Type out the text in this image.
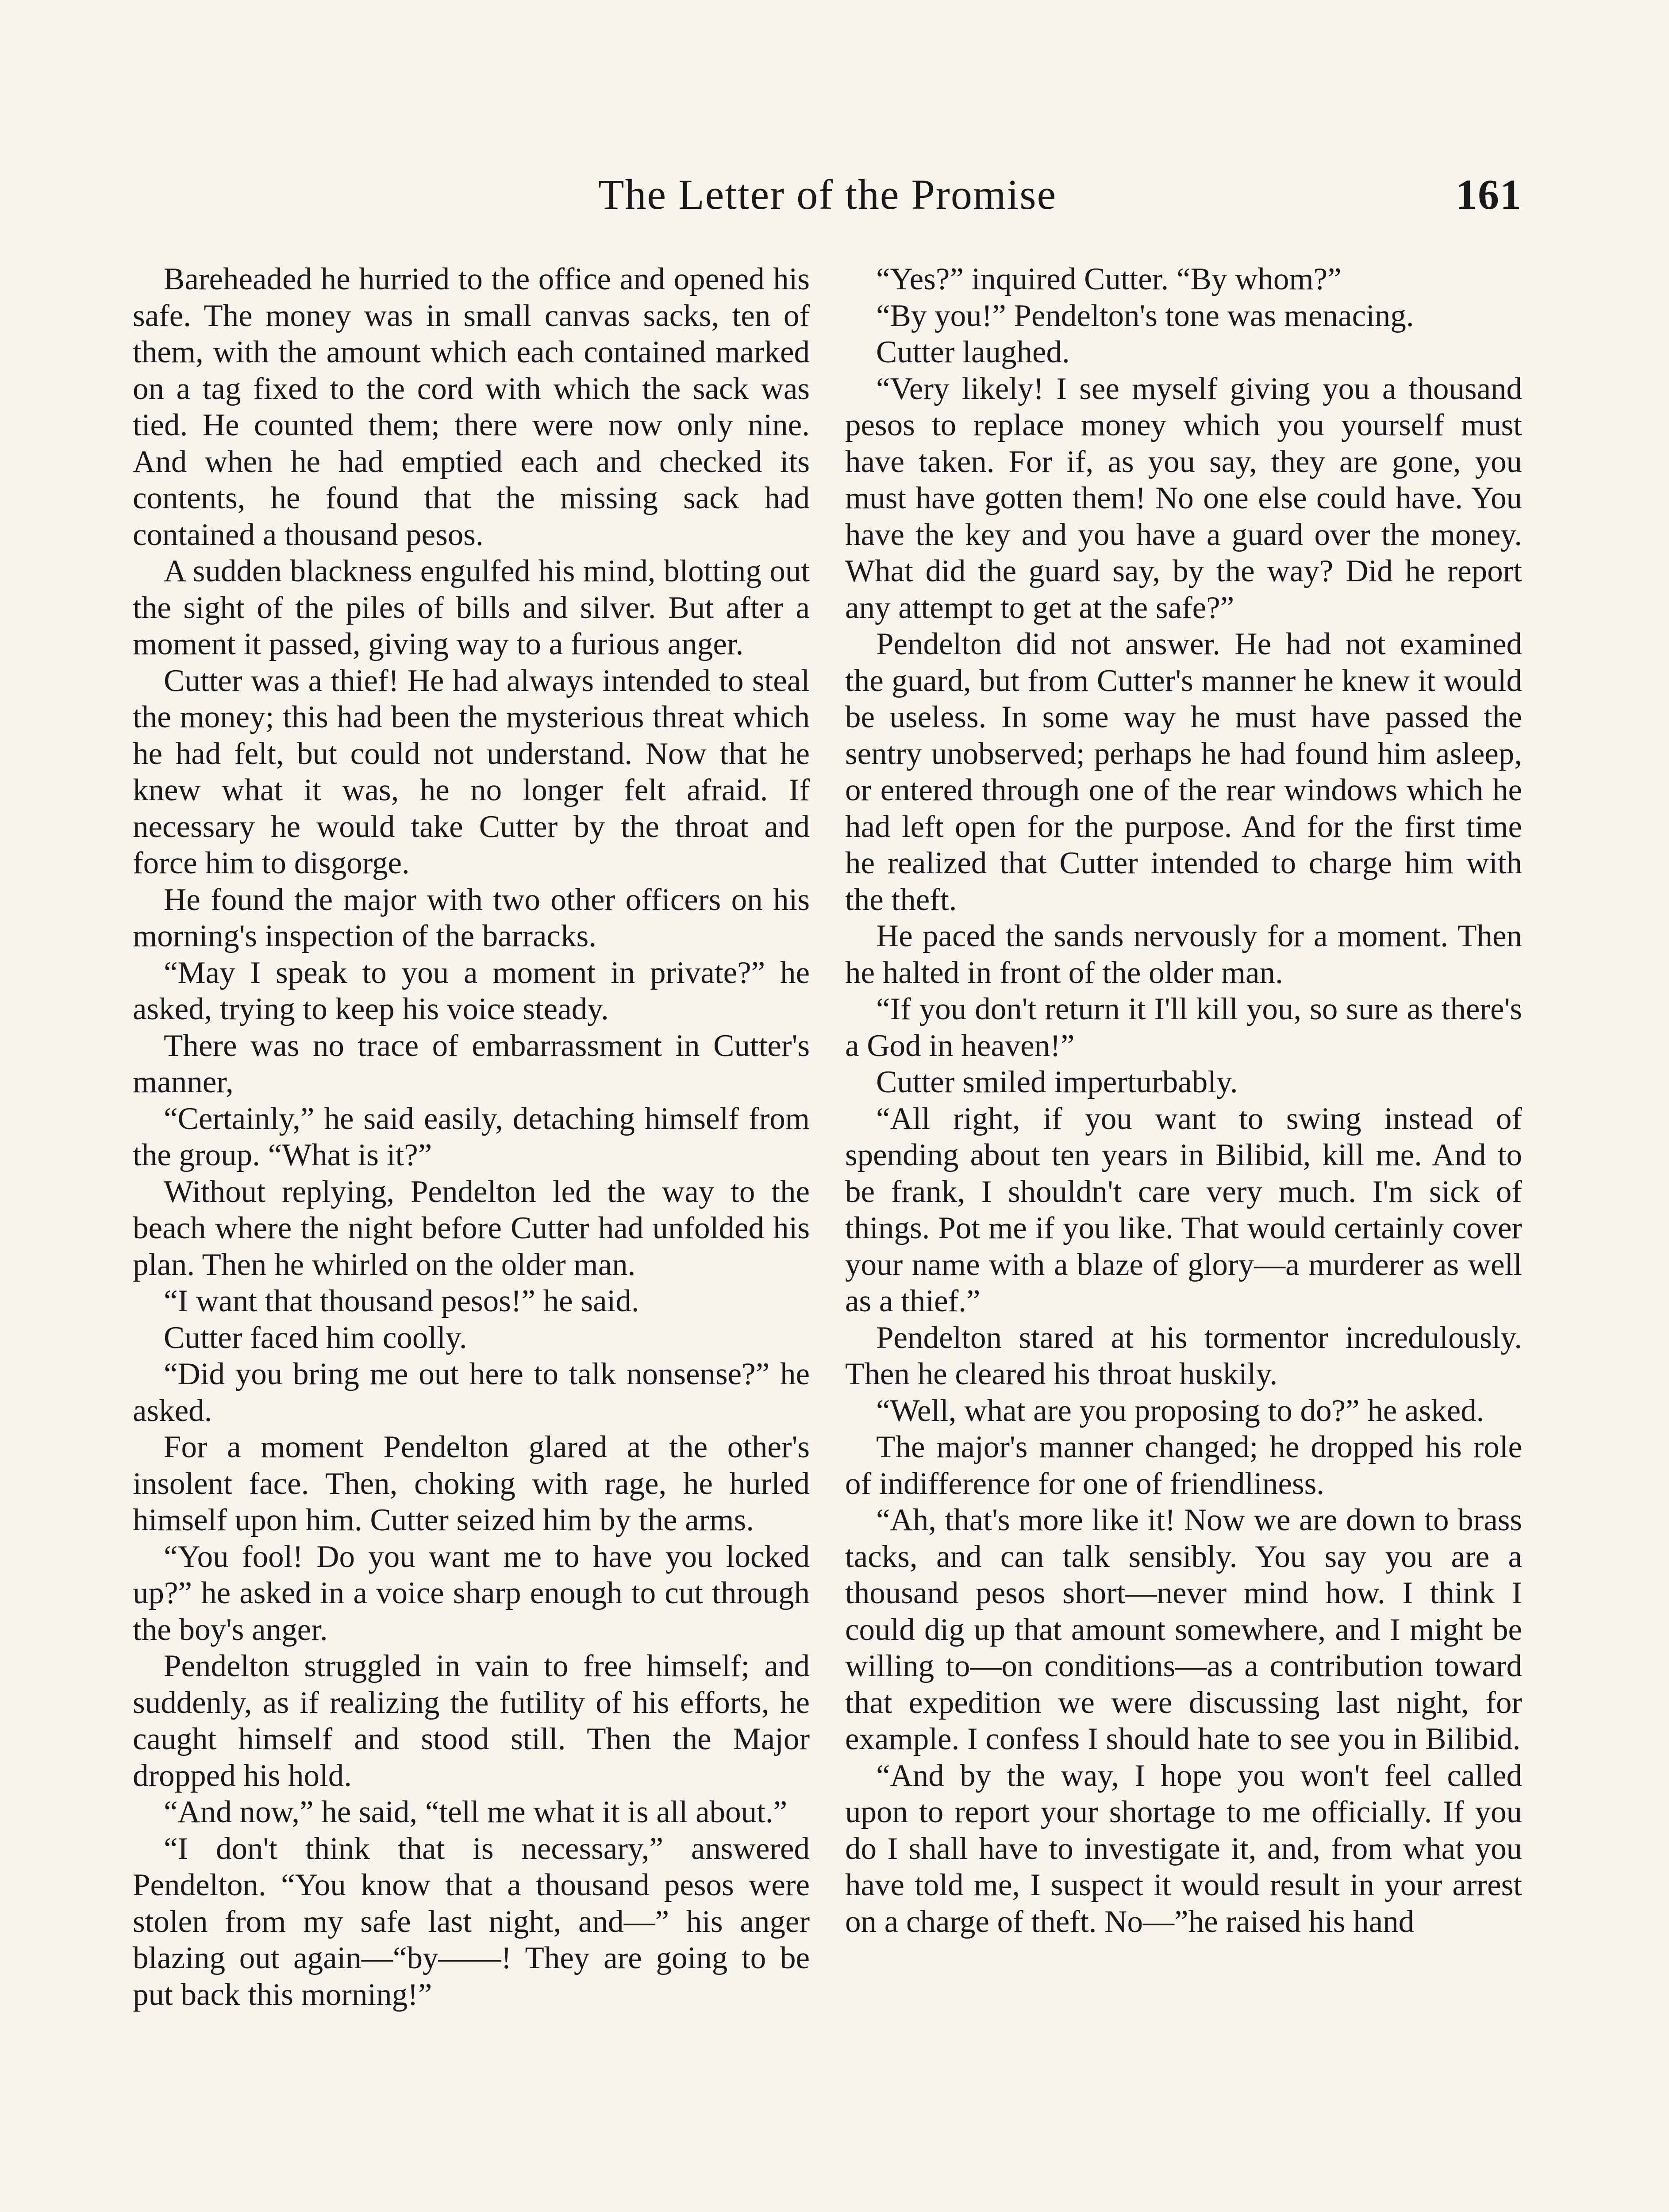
The Letter of the Promise	161

Bareheaded he hurried to the office and opened his safe. The money was in small canvas sacks, ten of them, with the amount which each contained marked on a tag fixed to the cord with which the sack was tied. He counted them; there were now only nine. And when he had emptied each and checked its contents, he found that the missing sack had contained a thousand pesos.

A sudden blackness engulfed his mind, blotting out the sight of the piles of bills and silver. But after a moment it passed, giving way to a furious anger.

Cutter was a thief! He had always intended to steal the money; this had been the mysterious threat which he had felt, but could not understand. Now that he knew what it was, he no longer felt afraid. If necessary he would take Cutter by the throat and force him to disgorge.

He found the major with two other officers on his morning's inspection of the barracks.

“May I speak to you a moment in private?” he asked, trying to keep his voice steady.

There was no trace of embarrassment in Cutter's manner,

“Certainly,” he said easily, detaching himself from the group. “What is it?”

Without replying, Pendelton led the way to the beach where the night before Cutter had unfolded his plan. Then he whirled on the older man.

“I want that thousand pesos!” he said.

Cutter faced him coolly.

“Did you bring me out here to talk nonsense?” he asked.

For a moment Pendelton glared at the other's insolent face. Then, choking with rage, he hurled himself upon him. Cutter seized him by the arms.

“You fool! Do you want me to have you locked up?” he asked in a voice sharp enough to cut through the boy's anger.

Pendelton struggled in vain to free himself; and suddenly, as if realizing the futility of his efforts, he caught himself and stood still. Then the Major dropped his hold.

“And now,” he said, “tell me what it is all about.”

“I don't think that is necessary,” answered Pendelton. “You know that a thousand pesos were stolen from my safe last night, and—” his anger blazing out again—“by——! They are going to be put back this morning!”

“Yes?” inquired Cutter. “By whom?”

“By you!” Pendelton's tone was menacing.

Cutter laughed.

“Very likely! I see myself giving you a thousand pesos to replace money which you yourself must have taken. For if, as you say, they are gone, you must have gotten them! No one else could have. You have the key and you have a guard over the money. What did the guard say, by the way? Did he report any attempt to get at the safe?”

Pendelton did not answer. He had not examined the guard, but from Cutter's manner he knew it would be useless. In some way he must have passed the sentry unobserved; perhaps he had found him asleep, or entered through one of the rear windows which he had left open for the purpose. And for the first time he realized that Cutter intended to charge him with the theft.

He paced the sands nervously for a moment. Then he halted in front of the older man.

“If you don't return it I'll kill you, so sure as there's a God in heaven!”

Cutter smiled imperturbably.

“All right, if you want to swing instead of spending about ten years in Bilibid, kill me. And to be frank, I shouldn't care very much. I'm sick of things. Pot me if you like. That would certainly cover your name with a blaze of glory—a murderer as well as a thief.”

Pendelton stared at his tormentor incredulously. Then he cleared his throat huskily.

“Well, what are you proposing to do?” he asked.

The major's manner changed; he dropped his role of indifference for one of friendliness.

“Ah, that's more like it! Now we are down to brass tacks, and can talk sensibly. You say you are a thousand pesos short—never mind how. I think I could dig up that amount somewhere, and I might be willing to—on conditions—as a contribution toward that expedition we were discussing last night, for example. I confess I should hate to see you in Bilibid.

“And by the way, I hope you won't feel called upon to report your shortage to me officially. If you do I shall have to investigate it, and, from what you have told me, I suspect it would result in your arrest on a charge of theft. No—”he raised his hand
